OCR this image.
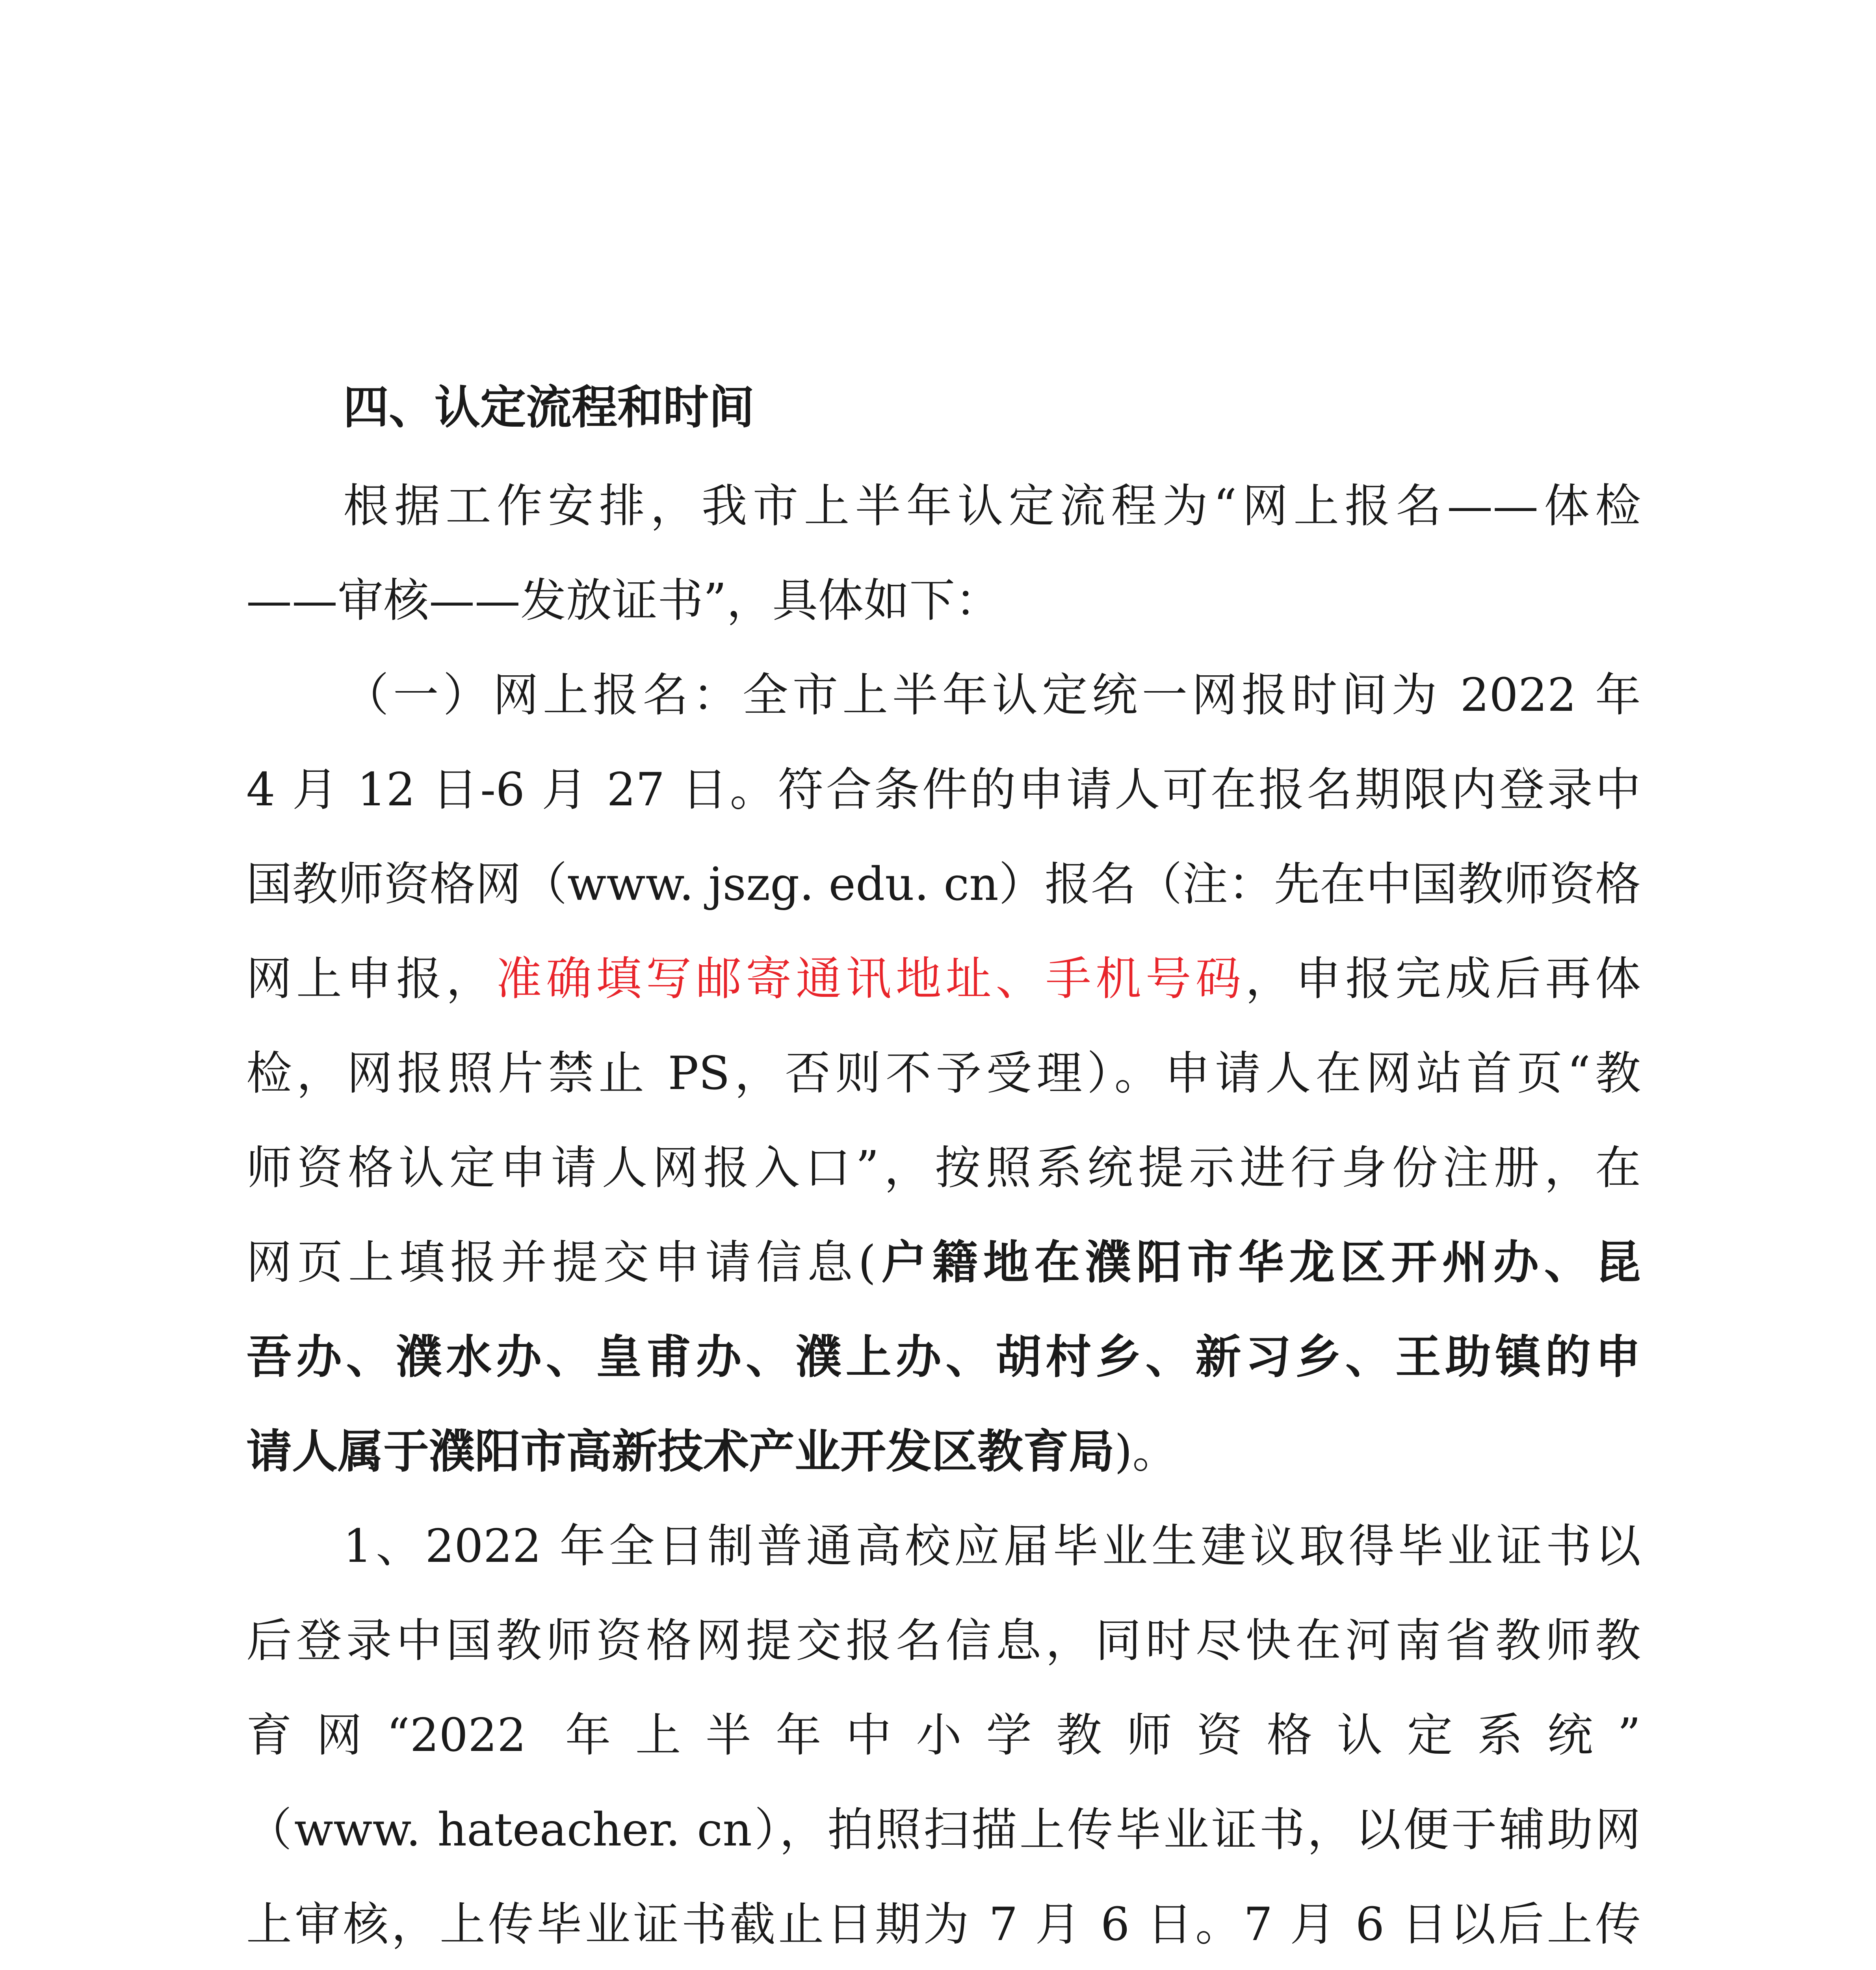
四、认定流程和时间
根据工作安排，我市上半年认定流程为“网上报名——体检
——审核——发放证书”，具体如下：
（一）网上报名：全市上半年认定统一网报时间为 2022 年
4 月 12 日-6 月 27 日。符合条件的申请人可在报名期限内登录中
国教师资格网（www. jszg. edu. cn）报名（注：先在中国教师资格
网上申报，准确填写邮寄通讯地址、手机号码，申报完成后再体
检，网报照片禁止 PS，否则不予受理）。申请人在网站首页“教
师资格认定申请人网报入口”，按照系统提示进行身份注册，在
网页上填报并提交申请信息(户籍地在濮阳市华龙区开州办、昆
吾办、濮水办、皇甫办、濮上办、胡村乡、新习乡、王助镇的申
请人属于濮阳市高新技术产业开发区教育局)。
1、2022 年全日制普通高校应届毕业生建议取得毕业证书以
后登录中国教师资格网提交报名信息，同时尽快在河南省教师教
育网“2022 年上半年中小学教师资格认定系统”
（www. hateacher. cn），拍照扫描上传毕业证书，以便于辅助网
上审核，上传毕业证书截止日期为 7 月 6 日。7 月 6 日以后上传
